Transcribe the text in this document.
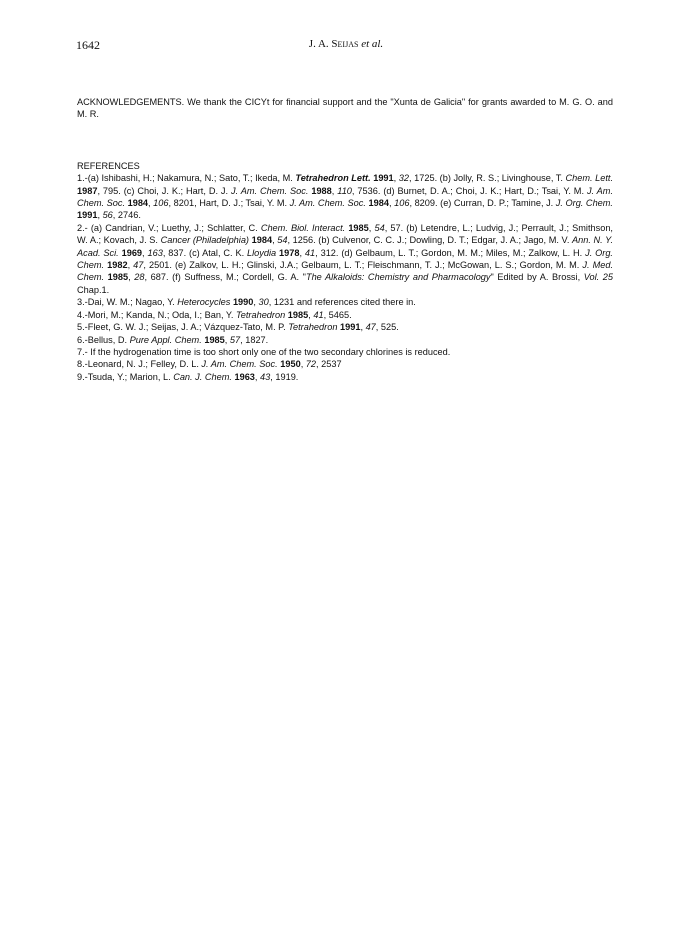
1642	J. A. Seijas et al.

ACKNOWLEDGEMENTS. We thank the CICYt for financial support and the "Xunta de Galicia" for grants awarded to M. G. O. and M. R.

REFERENCES

1.-(a) Ishibashi, H.; Nakamura, N.; Sato, T.; Ikeda, M. Tetrahedron Lett. 1991, 32, 1725. (b) Jolly, R. S.; Livinghouse, T. Chem. Lett. 1987, 795. (c) Choi, J. K.; Hart, D. J. J. Am. Chem. Soc. 1988, 110, 7536. (d) Burnet, D. A.; Choi, J. K.; Hart, D.; Tsai, Y. M. J. Am. Chem. Soc. 1984, 106, 8201, Hart, D. J.; Tsai, Y. M. J. Am. Chem. Soc. 1984, 106, 8209. (e) Curran, D. P.; Tamine, J. J. Org. Chem. 1991, 56, 2746.

2.- (a) Candrian, V.; Luethy, J.; Schlatter, C. Chem. Biol. Interact. 1985, 54, 57. (b) Letendre, L.; Ludvig, J.; Perrault, J.; Smithson, W. A.; Kovach, J. S. Cancer (Philadelphia) 1984, 54, 1256. (b) Culvenor, C. C. J.; Dowling, D. T.; Edgar, J. A.; Jago, M. V. Ann. N. Y. Acad. Sci. 1969, 163, 837. (c) Atal, C. K. Lloydia 1978, 41, 312. (d) Gelbaum, L. T.; Gordon, M. M.; Miles, M.; Zalkow, L. H. J. Org. Chem. 1982, 47, 2501. (e) Zalkov, L. H.; Glinski, J.A.; Gelbaum, L. T.; Fleischmann, T. J.; McGowan, L. S.; Gordon, M. M. J. Med. Chem. 1985, 28, 687. (f) Suffness, M.; Cordell, G. A. "The Alkaloids: Chemistry and Pharmacology" Edited by A. Brossi, Vol. 25 Chap.1.

3.-Dai, W. M.; Nagao, Y. Heterocycles 1990, 30, 1231 and references cited there in.

4.-Mori, M.; Kanda, N.; Oda, I.; Ban, Y. Tetrahedron 1985, 41, 5465.

5.-Fleet, G. W. J.; Seijas, J. A.; Vázquez-Tato, M. P. Tetrahedron 1991, 47, 525.

6.-Bellus, D. Pure Appl. Chem. 1985, 57, 1827.

7.- If the hydrogenation time is too short only one of the two secondary chlorines is reduced.

8.-Leonard, N. J.; Felley, D. L. J. Am. Chem. Soc. 1950, 72, 2537

9.-Tsuda, Y.; Marion, L. Can. J. Chem. 1963, 43, 1919.
